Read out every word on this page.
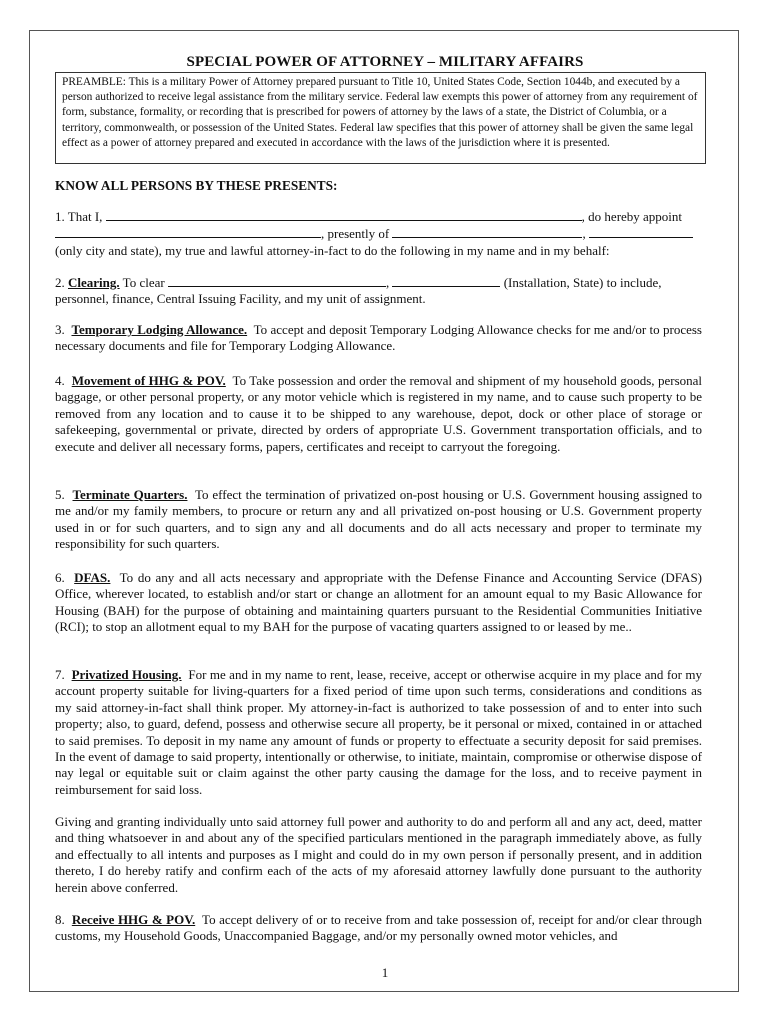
SPECIAL POWER OF ATTORNEY – MILITARY AFFAIRS
PREAMBLE: This is a military Power of Attorney prepared pursuant to Title 10, United States Code, Section 1044b, and executed by a person authorized to receive legal assistance from the military service. Federal law exempts this power of attorney from any requirement of form, substance, formality, or recording that is prescribed for powers of attorney by the laws of a state, the District of Columbia, or a territory, commonwealth, or possession of the United States. Federal law specifies that this power of attorney shall be given the same legal effect as a power of attorney prepared and executed in accordance with the laws of the jurisdiction where it is presented.
KNOW ALL PERSONS BY THESE PRESENTS:
1. That I,	, do hereby appoint
, presently of	,
(only city and state), my true and lawful attorney-in-fact to do the following in my name and in my behalf:
2. Clearing. To clear	,	(Installation, State) to include,
personnel, finance, Central Issuing Facility, and my unit of assignment.
3. Temporary Lodging Allowance. To accept and deposit Temporary Lodging Allowance checks for me and/or to process necessary documents and file for Temporary Lodging Allowance.
4. Movement of HHG & POV. To Take possession and order the removal and shipment of my household goods, personal baggage, or other personal property, or any motor vehicle which is registered in my name, and to cause such property to be removed from any location and to cause it to be shipped to any warehouse, depot, dock or other place of storage or safekeeping, governmental or private, directed by orders of appropriate U.S. Government transportation officials, and to execute and deliver all necessary forms, papers, certificates and receipt to carryout the foregoing.
5. Terminate Quarters. To effect the termination of privatized on-post housing or U.S. Government housing assigned to me and/or my family members, to procure or return any and all privatized on-post housing or U.S. Government property used in or for such quarters, and to sign any and all documents and do all acts necessary and proper to terminate my responsibility for such quarters.
6. DFAS. To do any and all acts necessary and appropriate with the Defense Finance and Accounting Service (DFAS) Office, wherever located, to establish and/or start or change an allotment for an amount equal to my Basic Allowance for Housing (BAH) for the purpose of obtaining and maintaining quarters pursuant to the Residential Communities Initiative (RCI); to stop an allotment equal to my BAH for the purpose of vacating quarters assigned to or leased by me..
7. Privatized Housing. For me and in my name to rent, lease, receive, accept or otherwise acquire in my place and for my account property suitable for living-quarters for a fixed period of time upon such terms, considerations and conditions as my said attorney-in-fact shall think proper. My attorney-in-fact is authorized to take possession of and to enter into such property; also, to guard, defend, possess and otherwise secure all property, be it personal or mixed, contained in or attached to said premises. To deposit in my name any amount of funds or property to effectuate a security deposit for said premises. In the event of damage to said property, intentionally or otherwise, to initiate, maintain, compromise or otherwise dispose of nay legal or equitable suit or claim against the other party causing the damage for the loss, and to receive payment in reimbursement for said loss.
Giving and granting individually unto said attorney full power and authority to do and perform all and any act, deed, matter and thing whatsoever in and about any of the specified particulars mentioned in the paragraph immediately above, as fully and effectually to all intents and purposes as I might and could do in my own person if personally present, and in addition thereto, I do hereby ratify and confirm each of the acts of my aforesaid attorney lawfully done pursuant to the authority herein above conferred.
8. Receive HHG & POV. To accept delivery of or to receive from and take possession of, receipt for and/or clear through customs, my Household Goods, Unaccompanied Baggage, and/or my personally owned motor vehicles, and
1
